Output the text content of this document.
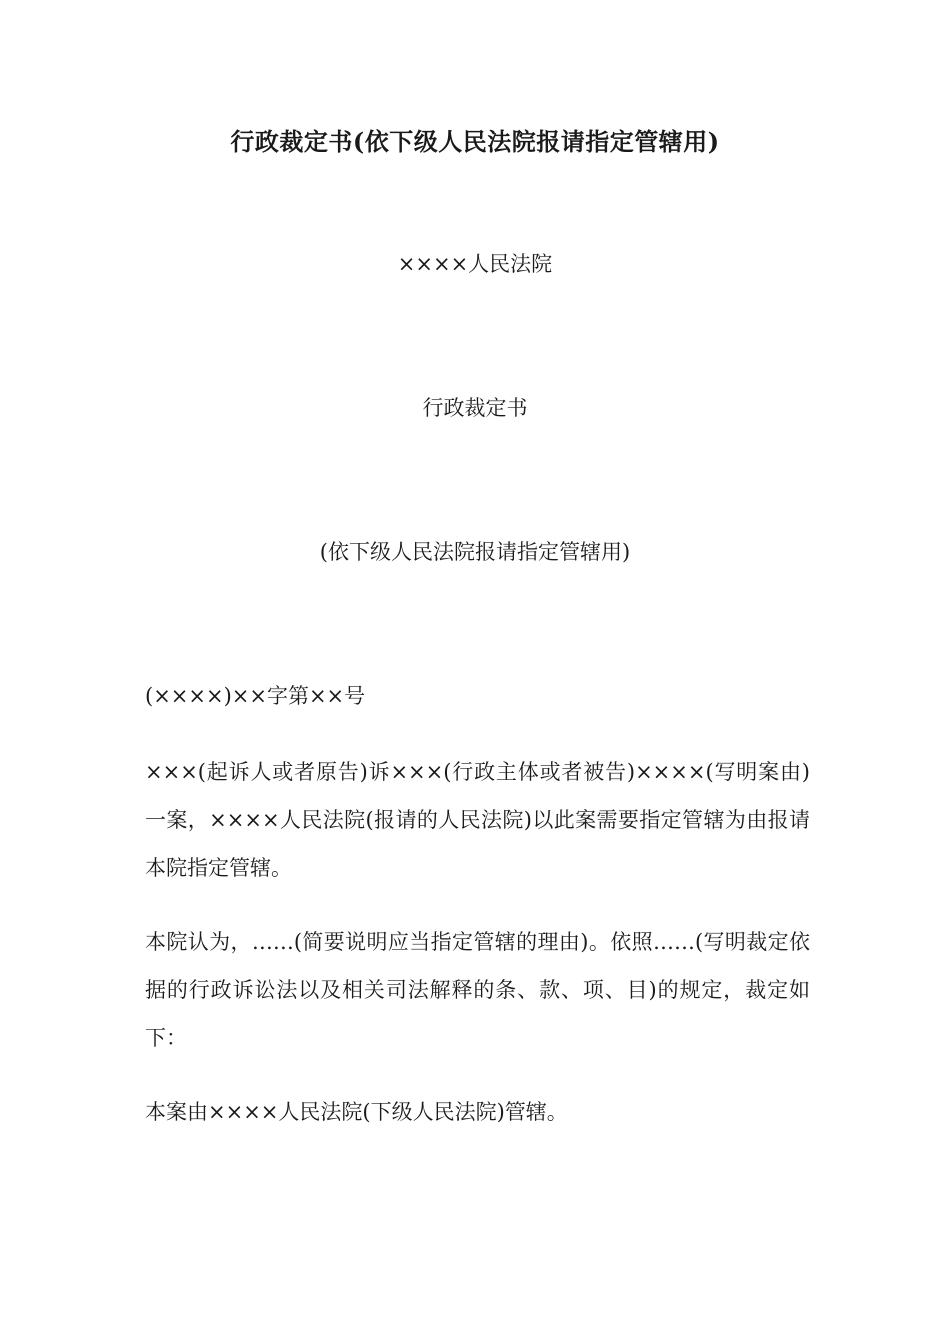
行政裁定书(依下级人民法院报请指定管辖用)

××××人民法院

行政裁定书

(依下级人民法院报请指定管辖用)

(××××)××字第××号

×××(起诉人或者原告)诉×××(行政主体或者被告)××××(写明案由)一案，××××人民法院(报请的人民法院)以此案需要指定管辖为由报请本院指定管辖。

本院认为，……(简要说明应当指定管辖的理由)。依照……(写明裁定依据的行政诉讼法以及相关司法解释的条、款、项、目)的规定，裁定如下：

本案由××××人民法院(下级人民法院)管辖。
